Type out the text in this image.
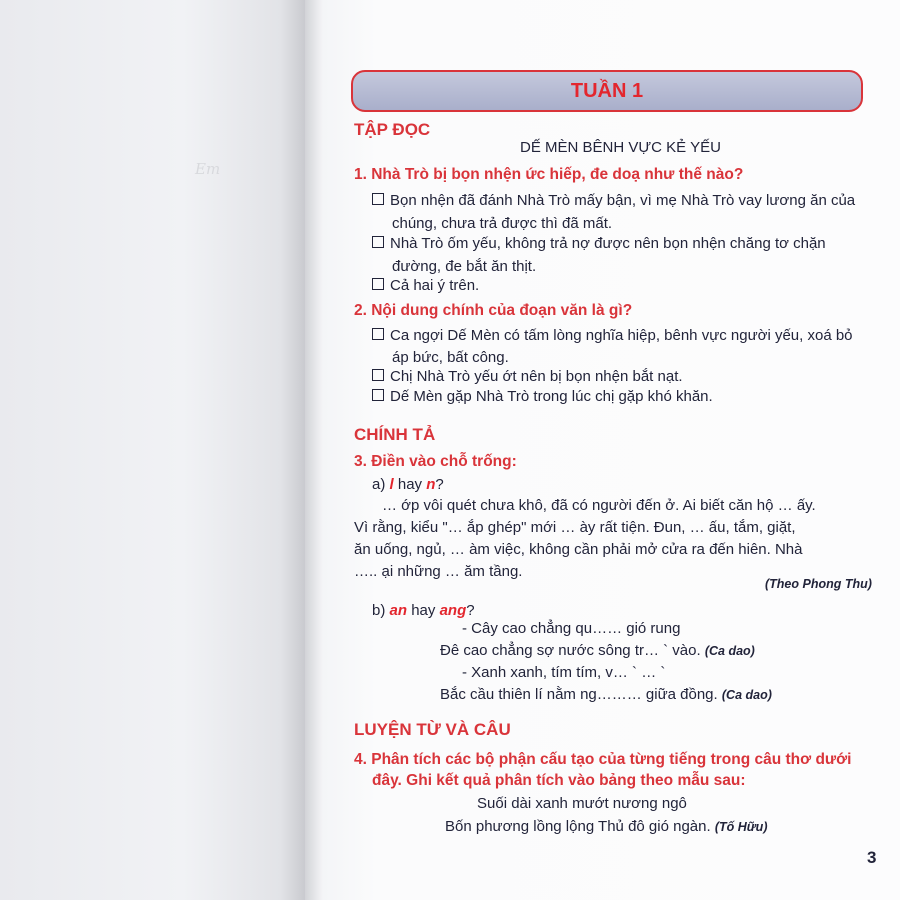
Em
TUẦN 1
TẬP ĐỌC
DẾ MÈN BÊNH VỰC KẺ YẾU
1. Nhà Trò bị bọn nhện ức hiếp, đe doạ như thế nào?
Bọn nhện đã đánh Nhà Trò mấy bận, vì mẹ Nhà Trò vay lương ăn của
chúng, chưa trả được thì đã mất.
Nhà Trò ốm yếu, không trả nợ được nên bọn nhện chăng tơ chặn
đường, đe bắt ăn thịt.
Cả hai ý trên.
2. Nội dung chính của đoạn văn là gì?
Ca ngợi Dế Mèn có tấm lòng nghĩa hiệp, bênh vực người yếu, xoá bỏ
áp bức, bất công.
Chị Nhà Trò yếu ớt nên bị bọn nhện bắt nạt.
Dế Mèn gặp Nhà Trò trong lúc chị gặp khó khăn.
CHÍNH TẢ
3. Điền vào chỗ trống:
a) l hay n?
… ớp vôi quét chưa khô, đã có người đến ở. Ai biết căn hộ … ấy.
Vì rằng, kiểu "… ắp ghép" mới … ày rất tiện. Đun, … ấu, tắm, giặt,
ăn uống, ngủ, … àm việc, không cần phải mở cửa ra đến hiên. Nhà
….. ại những … ăm tầng.
(Theo Phong Thu)
b) an hay ang?
- Cây cao chẳng qu…… gió rung
Đê cao chẳng sợ nước sông tr… ` vào. (Ca dao)
- Xanh xanh, tím tím, v… ` … `
Bắc cầu thiên lí nằm ng……… giữa đồng. (Ca dao)
LUYỆN TỪ VÀ CÂU
4. Phân tích các bộ phận cấu tạo của từng tiếng trong câu thơ dưới
đây. Ghi kết quả phân tích vào bảng theo mẫu sau:
Suối dài xanh mướt nương ngô
Bốn phương lồng lộng Thủ đô gió ngàn. (Tố Hữu)
3
